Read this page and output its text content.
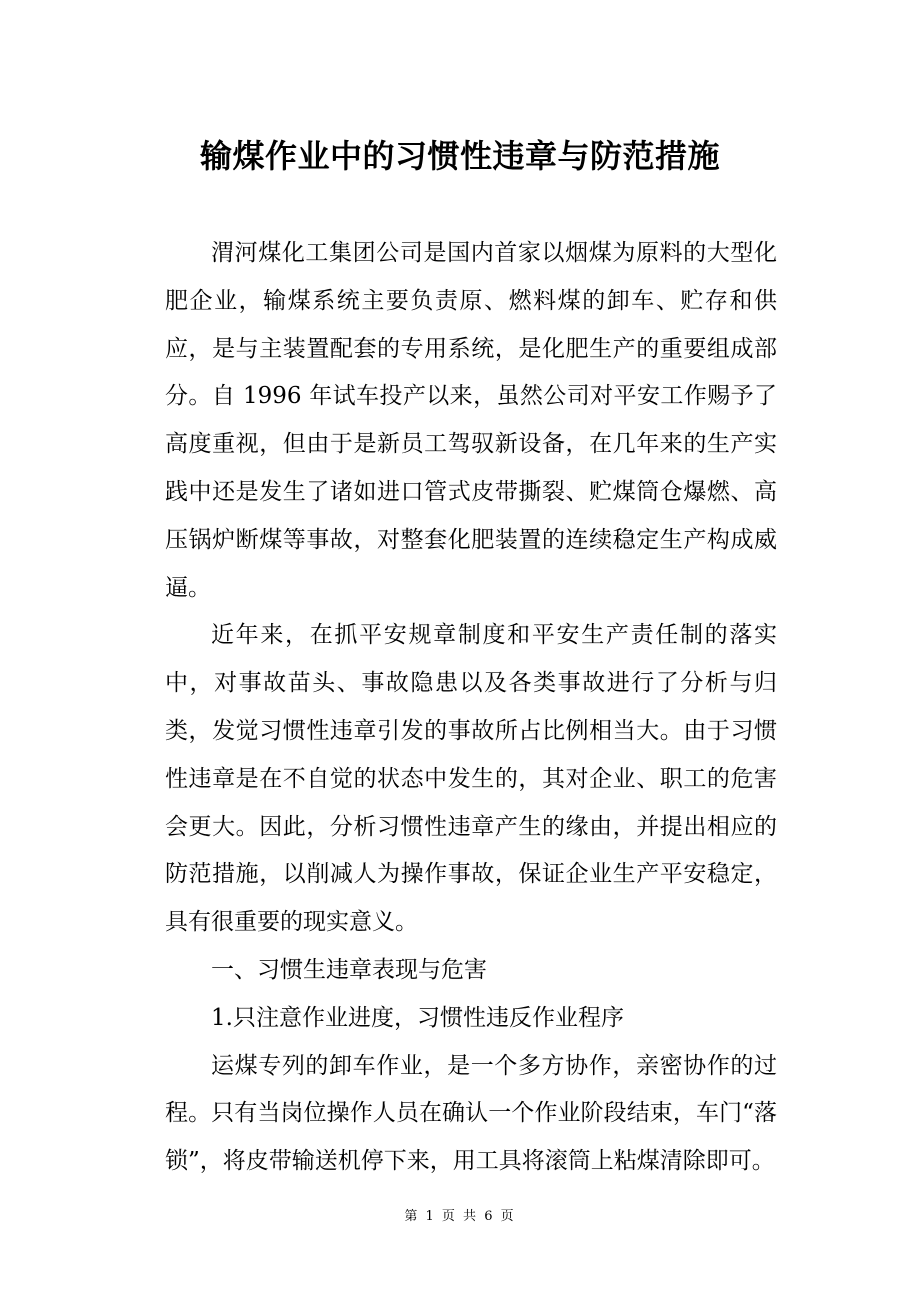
输煤作业中的习惯性违章与防范措施

渭河煤化工集团公司是国内首家以烟煤为原料的大型化肥企业，输煤系统主要负责原、燃料煤的卸车、贮存和供应，是与主装置配套的专用系统，是化肥生产的重要组成部分。自 1996 年试车投产以来，虽然公司对平安工作赐予了高度重视，但由于是新员工驾驭新设备，在几年来的生产实践中还是发生了诸如进口管式皮带撕裂、贮煤筒仓爆燃、高压锅炉断煤等事故，对整套化肥装置的连续稳定生产构成威逼。

近年来，在抓平安规章制度和平安生产责任制的落实中，对事故苗头、事故隐患以及各类事故进行了分析与归类，发觉习惯性违章引发的事故所占比例相当大。由于习惯性违章是在不自觉的状态中发生的，其对企业、职工的危害会更大。因此，分析习惯性违章产生的缘由，并提出相应的防范措施，以削减人为操作事故，保证企业生产平安稳定，具有很重要的现实意义。

一、习惯生违章表现与危害

1.只注意作业进度，习惯性违反作业程序

运煤专列的卸车作业，是一个多方协作，亲密协作的过程。只有当岗位操作人员在确认一个作业阶段结束，车门“落锁”，将皮带输送机停下来，用工具将滚筒上粘煤清除即可。

第 1 页 共 6 页
